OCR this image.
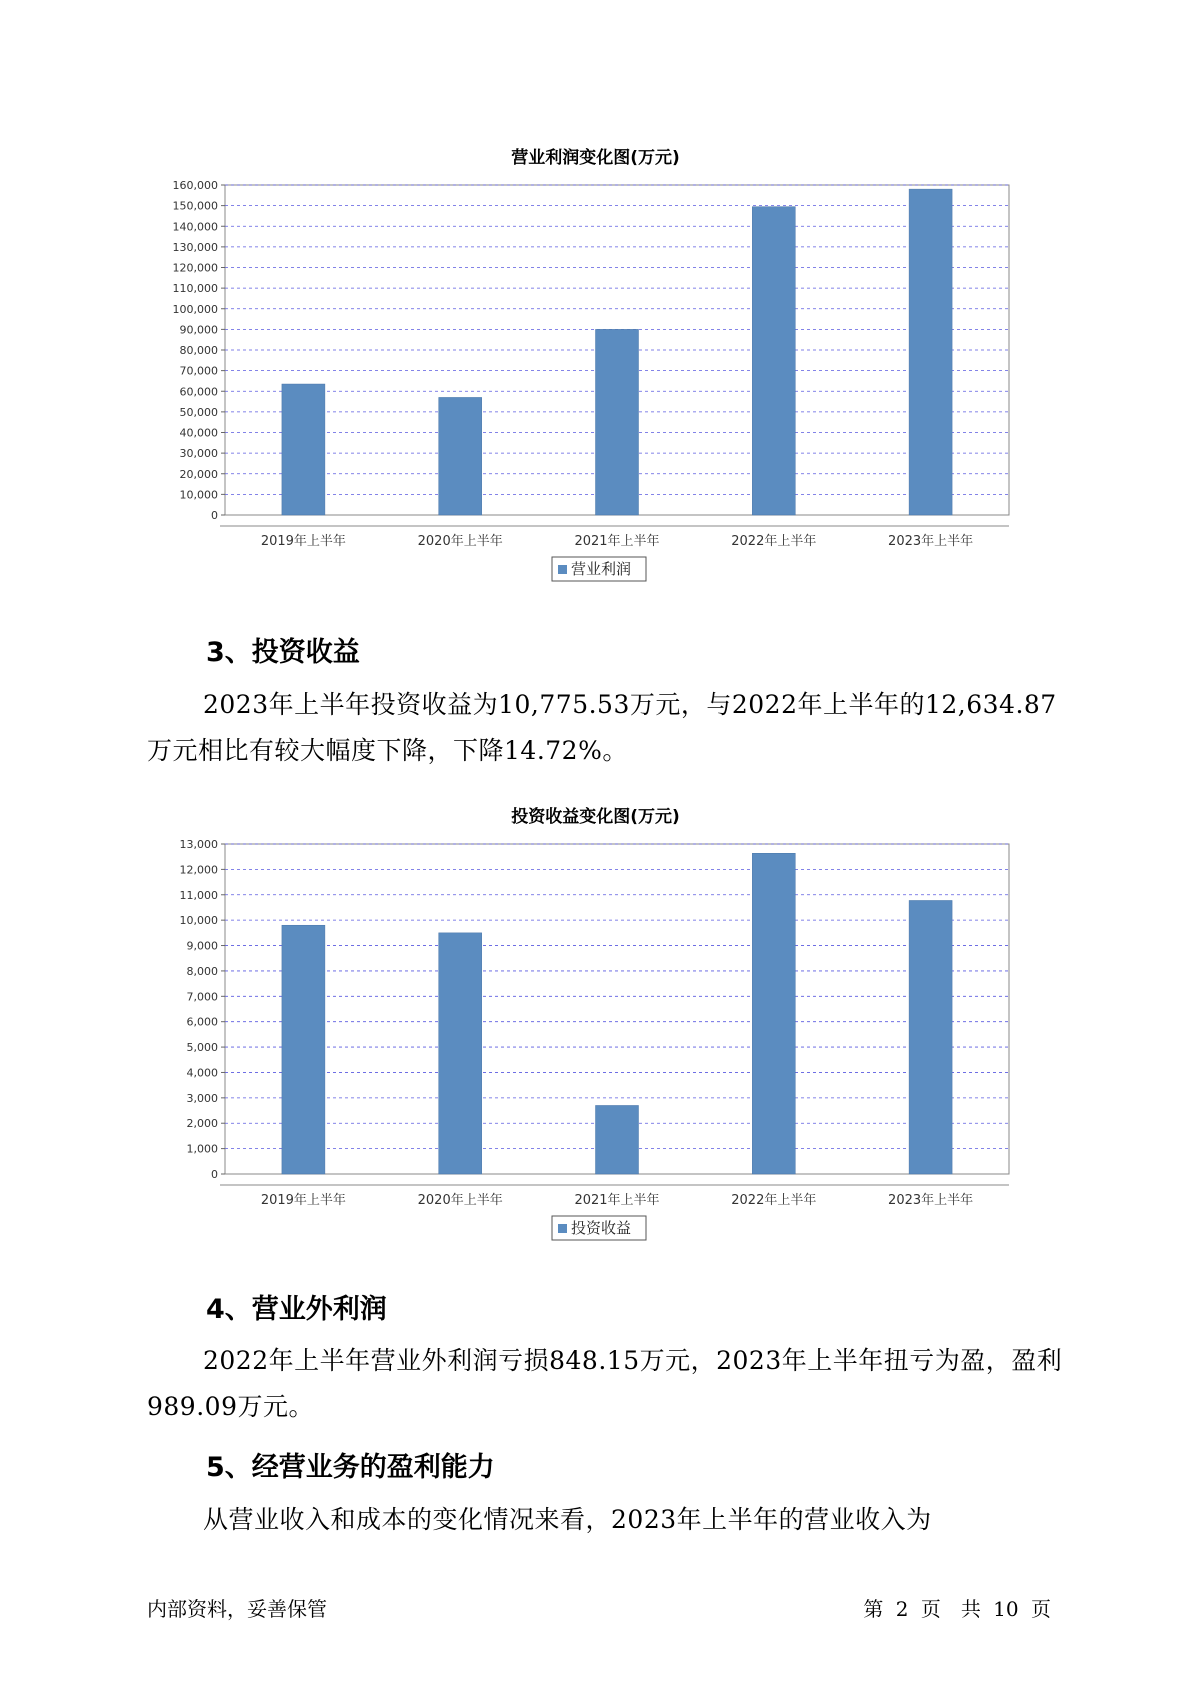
营业利润变化图(万元)
0
10,000
20,000
30,000
40,000
50,000
60,000
70,000
80,000
90,000
100,000
110,000
120,000
130,000
140,000
150,000
160,000
2019年上半年	2020年上半年	2021年上半年	2022年上半年	2023年上半年
营业利润
3、投资收益

2023年上半年投资收益为10,775.53万元，与2022年上半年的12,634.87万元相比有较大幅度下降，下降14.72%。

投资收益变化图(万元)
0
1,000
2,000
3,000
4,000
5,000
6,000
7,000
8,000
9,000
10,000
11,000
12,000
13,000
2019年上半年	2020年上半年	2021年上半年	2022年上半年	2023年上半年
投资收益
4、营业外利润

2022年上半年营业外利润亏损848.15万元，2023年上半年扭亏为盈，盈利989.09万元。

5、经营业务的盈利能力

从营业收入和成本的变化情况来看，2023年上半年的营业收入为

内部资料，妥善保管	第 2 页　共 10 页
